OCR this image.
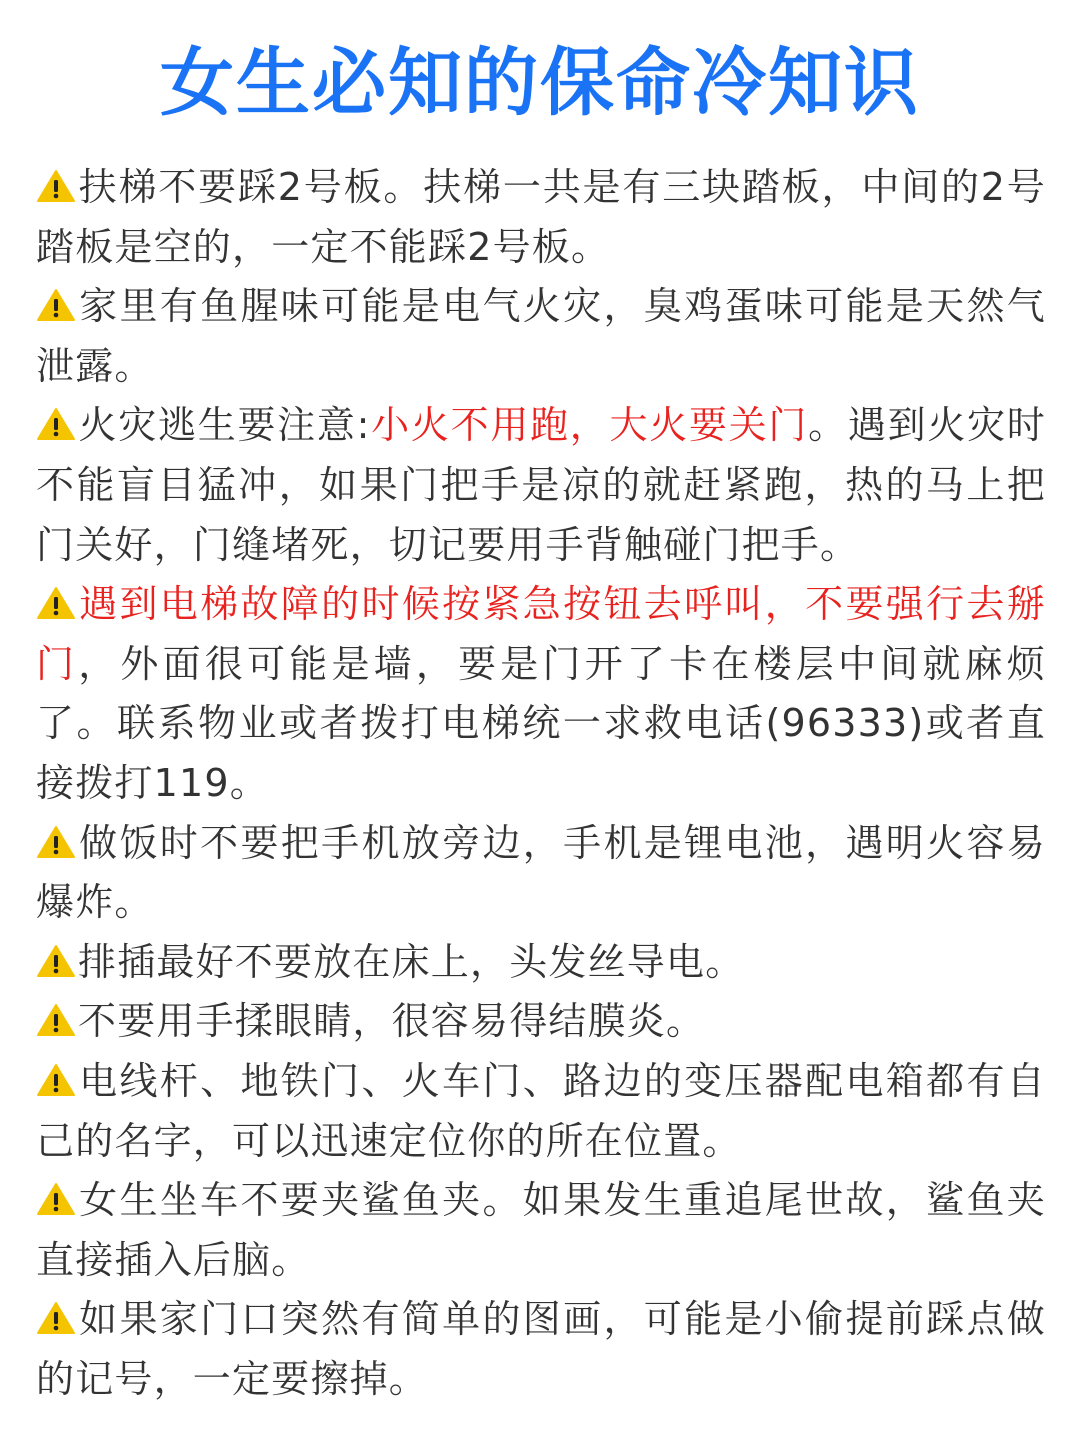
女生必知的保命冷知识

扶梯不要踩2号板。扶梯一共是有三块踏板，中间的2号踏板是空的，一定不能踩2号板。

家里有鱼腥味可能是电气火灾，臭鸡蛋味可能是天然气泄露。

火灾逃生要注意:小火不用跑，大火要关门。遇到火灾时不能盲目猛冲，如果门把手是凉的就赶紧跑，热的马上把门关好，门缝堵死，切记要用手背触碰门把手。

遇到电梯故障的时候按紧急按钮去呼叫，不要强行去掰门，外面很可能是墙，要是门开了卡在楼层中间就麻烦了。联系物业或者拨打电梯统一求救电话(96333)或者直接拨打119。

做饭时不要把手机放旁边，手机是锂电池，遇明火容易爆炸。

排插最好不要放在床上，头发丝导电。

不要用手揉眼睛，很容易得结膜炎。

电线杆、地铁门、火车门、路边的变压器配电箱都有自己的名字，可以迅速定位你的所在位置。

女生坐车不要夹鲨鱼夹。如果发生重追尾世故，鲨鱼夹直接插入后脑。

如果家门口突然有简单的图画，可能是小偷提前踩点做的记号，一定要擦掉。
